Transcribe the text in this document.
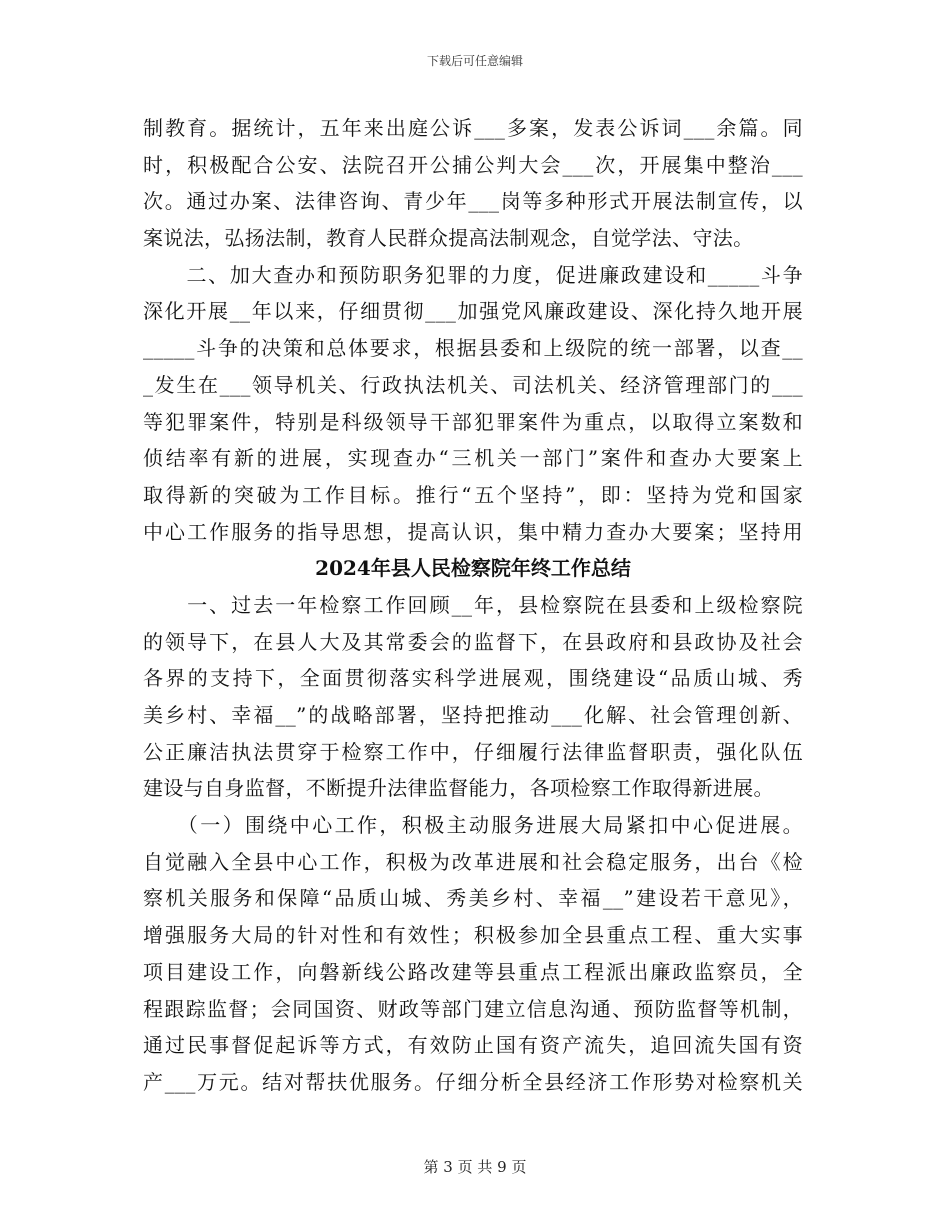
下载后可任意编辑
制教育。据统计，五年来出庭公诉___多案，发表公诉词___余篇。同
时，积极配合公安、法院召开公捕公判大会___次，开展集中整治___
次。通过办案、法律咨询、青少年___岗等多种形式开展法制宣传，以
案说法，弘扬法制，教育人民群众提高法制观念，自觉学法、守法。
　　二、加大查办和预防职务犯罪的力度，促进廉政建设和_____斗争
深化开展__年以来，仔细贯彻___加强党风廉政建设、深化持久地开展
_____斗争的决策和总体要求，根据县委和上级院的统一部署，以查__
_发生在___领导机关、行政执法机关、司法机关、经济管理部门的___
等犯罪案件，特别是科级领导干部犯罪案件为重点，以取得立案数和
侦结率有新的进展，实现查办“三机关一部门”案件和查办大要案上
取得新的突破为工作目标。推行“五个坚持”，即：坚持为党和国家
中心工作服务的指导思想，提高认识，集中精力查办大要案；坚持用
2024年县人民检察院年终工作总结
　　一、过去一年检察工作回顾__年，县检察院在县委和上级检察院
的领导下，在县人大及其常委会的监督下，在县政府和县政协及社会
各界的支持下，全面贯彻落实科学进展观，围绕建设“品质山城、秀
美乡村、幸福__”的战略部署，坚持把推动___化解、社会管理创新、
公正廉洁执法贯穿于检察工作中，仔细履行法律监督职责，强化队伍
建设与自身监督，不断提升法律监督能力，各项检察工作取得新进展。
　　（一）围绕中心工作，积极主动服务进展大局紧扣中心促进展。
自觉融入全县中心工作，积极为改革进展和社会稳定服务，出台《检
察机关服务和保障“品质山城、秀美乡村、幸福__”建设若干意见》，
增强服务大局的针对性和有效性；积极参加全县重点工程、重大实事
项目建设工作，向磐新线公路改建等县重点工程派出廉政监察员，全
程跟踪监督；会同国资、财政等部门建立信息沟通、预防监督等机制，
通过民事督促起诉等方式，有效防止国有资产流失，追回流失国有资
产___万元。结对帮扶优服务。仔细分析全县经济工作形势对检察机关
第 3 页 共 9 页
